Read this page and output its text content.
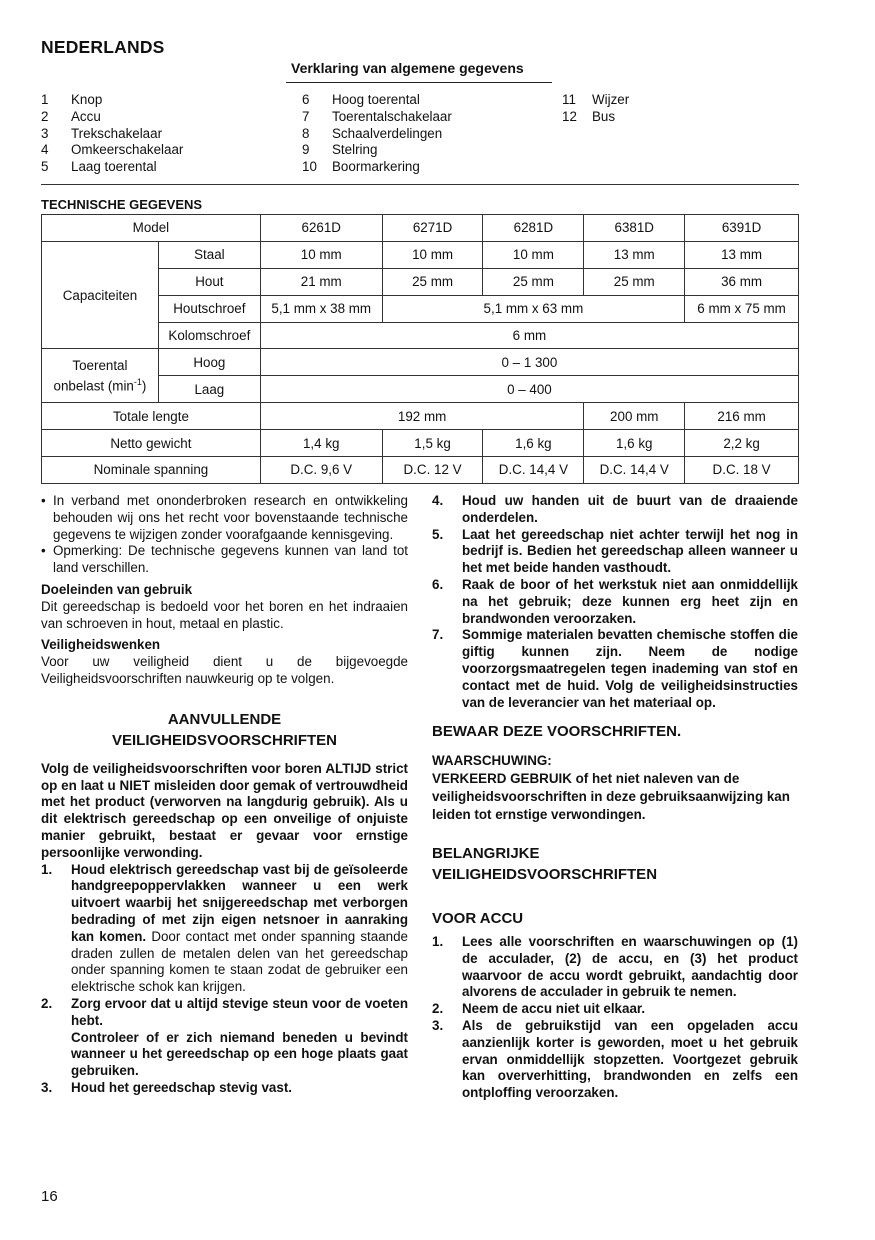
NEDERLANDS
Verklaring van algemene gegevens
1	Knop
2	Accu
3	Trekschakelaar
4	Omkeerschakelaar
5	Laag toerental
6	Hoog toerental
7	Toerentalschakelaar
8	Schaalverdelingen
9	Stelring
10	Boormarkering
11	Wijzer
12	Bus
TECHNISCHE GEGEVENS
Model		6261D	6271D	6281D	6381D	6391D
Capaciteiten	Staal	10 mm	10 mm	10 mm	13 mm	13 mm
	Hout	21 mm	25 mm	25 mm	25 mm	36 mm
	Houtschroef	5,1 mm x 38 mm	5,1 mm x 63 mm			6 mm x 75 mm
	Kolomschroef	6 mm				
Toerental
onbelast $(\min^{-1})$	Hoog	0 – 1 300				
	Laag	0 – 400				
Totale lengte		192 mm			200 mm	216 mm
Netto gewicht		1,4 kg	1,5 kg	1,6 kg	1,6 kg	2,2 kg
Nominale spanning		D.C. 9,6 V	D.C. 12 V	D.C. 14,4 V	D.C. 14,4 V	D.C. 18 V
• In verband met ononderbroken research en ontwikkeling behouden wij ons het recht voor bovenstaande technische gegevens te wijzigen zonder voorafgaande kennisgeving.
• Opmerking: De technische gegevens kunnen van land tot land verschillen.
Doeleinden van gebruik

Dit gereedschap is bedoeld voor het boren en het indraaien van schroeven in hout, metaal en plastic.

Veiligheidswenken

Voor uw veiligheid dient u de bijgevoegde Veiligheidsvoorschriften nauwkeurig op te volgen.

AANVULLENDE
VEILIGHEIDSVOORSCHRIFTEN

Volg de veiligheidsvoorschriften voor boren ALTIJD strict op en laat u NIET misleiden door gemak of vertrouwdheid met het product (verworven na langdurig gebruik). Als u dit elektrisch gereedschap op een onveilige of onjuiste manier gebruikt, bestaat er gevaar voor ernstige persoonlijke verwonding.

1.	Houd elektrisch gereedschap vast bij de geïsoleerde handgreepoppervlakken wanneer u een werk uitvoert waarbij het snijgereedschap met verborgen bedrading of met zijn eigen netsnoer in aanraking kan komen. Door contact met onder spanning staande draden zullen de metalen delen van het gereedschap onder spanning komen te staan zodat de gebruiker een elektrische schok kan krijgen.
2.	Zorg ervoor dat u altijd stevige steun voor de voeten hebt.
Controleer of er zich niemand beneden u bevindt wanneer u het gereedschap op een hoge plaats gaat gebruiken.
3.	Houd het gereedschap stevig vast.
4.	Houd uw handen uit de buurt van de draaiende onderdelen.
5.	Laat het gereedschap niet achter terwijl het nog in bedrijf is. Bedien het gereedschap alleen wanneer u het met beide handen vasthoudt.
6.	Raak de boor of het werkstuk niet aan onmiddellijk na het gebruik; deze kunnen erg heet zijn en brandwonden veroorzaken.
7.	Sommige materialen bevatten chemische stoffen die giftig kunnen zijn. Neem de nodige voorzorgsmaatregelen tegen inademing van stof en contact met de huid. Volg de veiligheidsinstructies van de leverancier van het materiaal op.
BEWAAR DEZE VOORSCHRIFTEN.
WAARSCHUWING:

VERKEERD GEBRUIK of het niet naleven van de veiligheidsvoorschriften in deze gebruiksaanwijzing kan leiden tot ernstige verwondingen.

BELANGRIJKE
VEILIGHEIDSVOORSCHRIFTEN
VOOR ACCU
1.	Lees alle voorschriften en waarschuwingen op (1) de acculader, (2) de accu, en (3) het product waarvoor de accu wordt gebruikt, aandachtig door alvorens de acculader in gebruik te nemen.
2.	Neem de accu niet uit elkaar.
3.	Als de gebruikstijd van een opgeladen accu aanzienlijk korter is geworden, moet u het gebruik ervan onmiddellijk stopzetten. Voortgezet gebruik kan oververhitting, brandwonden en zelfs een ontploffing veroorzaken.
16
